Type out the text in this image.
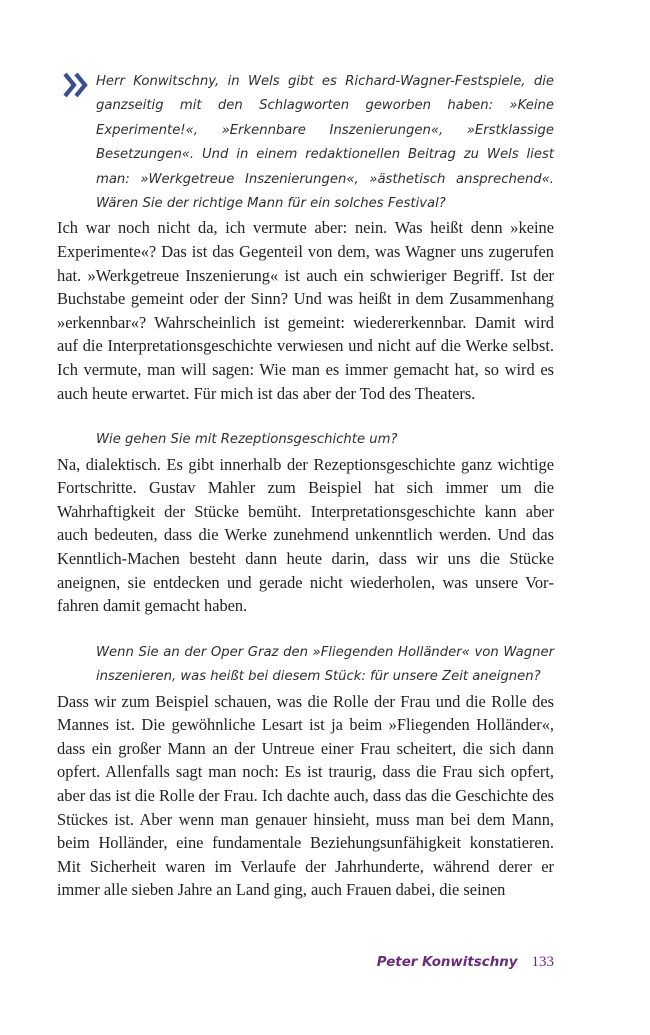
Herr Konwitschny, in Wels gibt es Richard-Wagner-Festspiele, die ganzseitig mit den Schlagworten geworben haben: »Keine Experimente!«, »Erkennbare Inszenierungen«, »Erstklassige Besetzungen«. Und in einem redaktionellen Beitrag zu Wels liest man: »Werkgetreue Inszenierungen«, »ästhetisch ansprechend«. Wären Sie der richtige Mann für ein solches Festival?

Ich war noch nicht da, ich vermute aber: nein. Was heißt denn »keine Experimente«? Das ist das Gegenteil von dem, was Wagner uns zugerufen hat. »Werkgetreue Inszenierung« ist auch ein schwieriger Begriff. Ist der Buchstabe gemeint oder der Sinn? Und was heißt in dem Zusammenhang »erkennbar«? Wahrscheinlich ist gemeint: wiedererkennbar. Damit wird auf die Interpretationsgeschichte verwiesen und nicht auf die Werke selbst. Ich vermute, man will sagen: Wie man es immer gemacht hat, so wird es auch heute erwartet. Für mich ist das aber der Tod des Theaters.

Wie gehen Sie mit Rezeptionsgeschichte um?

Na, dialektisch. Es gibt innerhalb der Rezeptionsgeschichte ganz wichtige Fortschritte. Gustav Mahler zum Beispiel hat sich immer um die Wahrhaftigkeit der Stücke bemüht. Interpretationsgeschichte kann aber auch bedeuten, dass die Werke zunehmend unkenntlich werden. Und das Kenntlich-Machen besteht dann heute darin, dass wir uns die Stücke aneignen, sie entdecken und gerade nicht wiederholen, was unsere Vorfahren damit gemacht haben.

Wenn Sie an der Oper Graz den »Fliegenden Holländer« von Wagner inszenieren, was heißt bei diesem Stück: für unsere Zeit aneignen?

Dass wir zum Beispiel schauen, was die Rolle der Frau und die Rolle des Mannes ist. Die gewöhnliche Lesart ist ja beim »Fliegenden Holländer«, dass ein großer Mann an der Untreue einer Frau scheitert, die sich dann opfert. Allenfalls sagt man noch: Es ist traurig, dass die Frau sich opfert, aber das ist die Rolle der Frau. Ich dachte auch, dass das die Geschichte des Stückes ist. Aber wenn man genauer hinsieht, muss man bei dem Mann, beim Holländer, eine fundamentale Beziehungsunfähigkeit konstatieren. Mit Sicherheit waren im Verlaufe der Jahrhunderte, während derer er immer alle sieben Jahre an Land ging, auch Frauen dabei, die seinen

Peter Konwitschny 133
